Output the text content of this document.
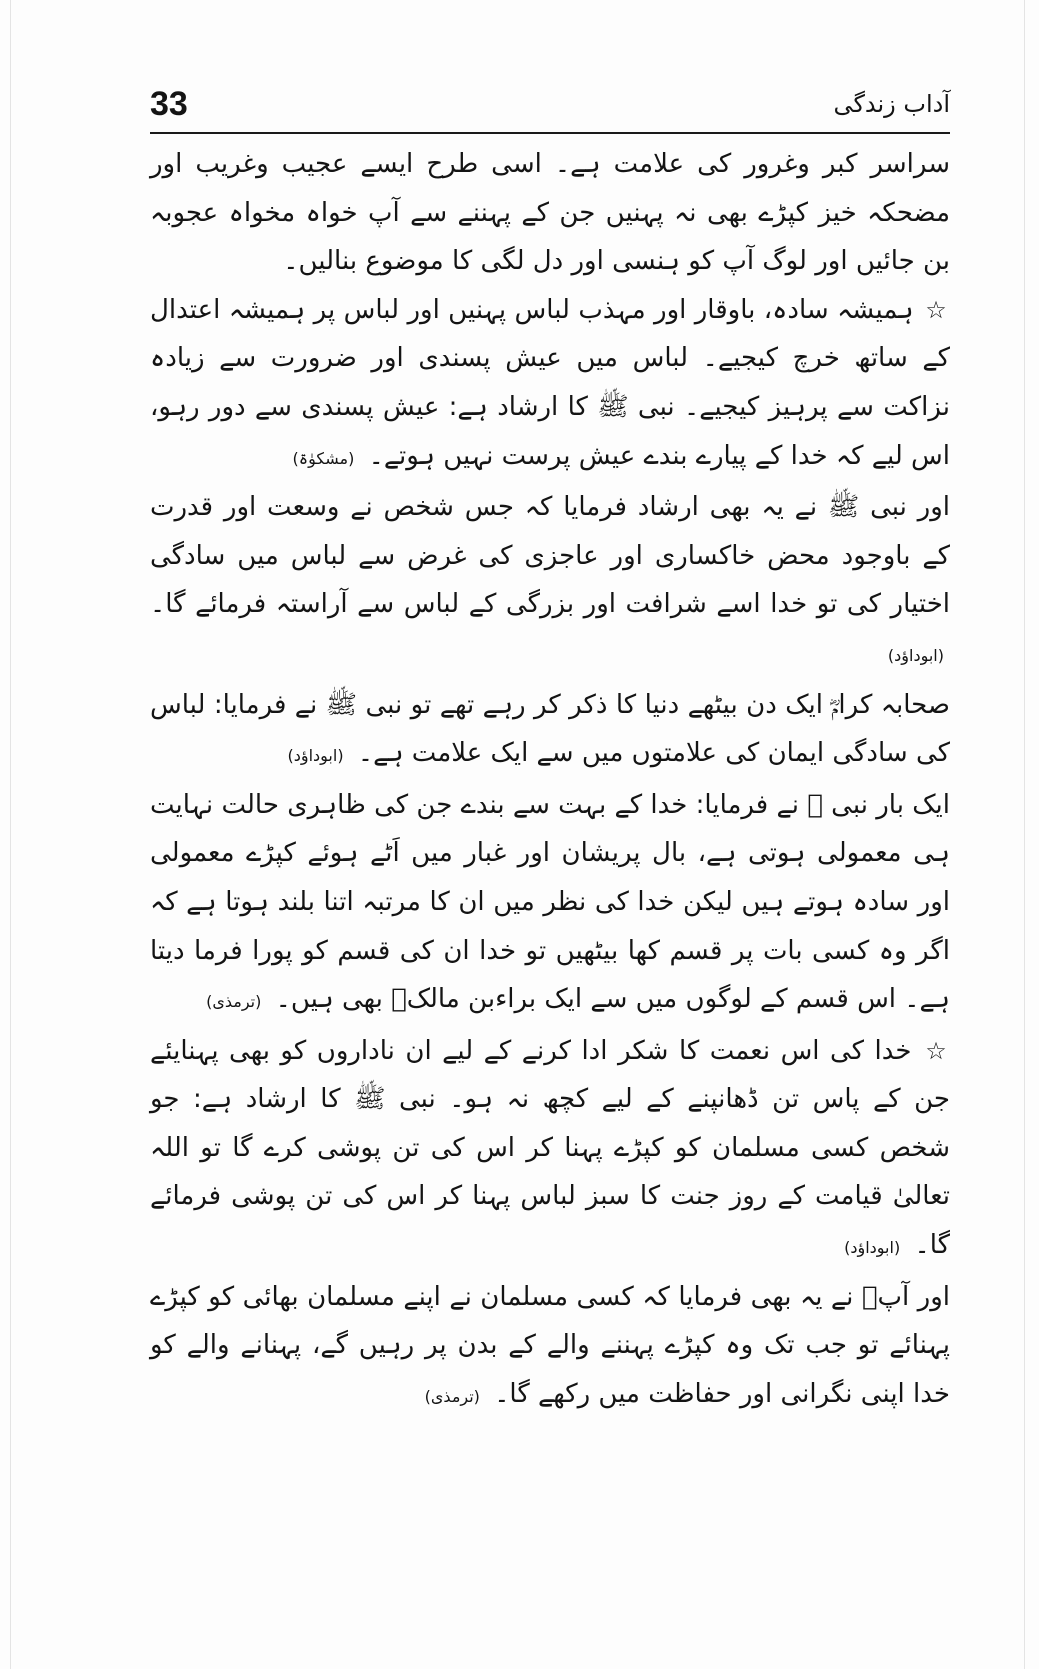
33	آداب زندگی

سراسر کبر وغرور کی علامت ہے۔ اسی طرح ایسے عجیب وغریب اور مضحکہ خیز کپڑے بھی نہ پہنیں جن کے پہننے سے آپ خواہ مخواہ عجوبہ بن جائیں اور لوگ آپ کو ہنسی اور دل لگی کا موضوع بنالیں۔

☆ ہمیشہ سادہ، باوقار اور مہذب لباس پہنیں اور لباس پر ہمیشہ اعتدال کے ساتھ خرچ کیجیے۔ لباس میں عیش پسندی اور ضرورت سے زیادہ نزاکت سے پرہیز کیجیے۔ نبی ﷺ کا ارشاد ہے: عیش پسندی سے دور رہو، اس لیے کہ خدا کے پیارے بندے عیش پرست نہیں ہوتے۔ (مشکوٰۃ)

اور نبی ﷺ نے یہ بھی ارشاد فرمایا کہ جس شخص نے وسعت اور قدرت کے باوجود محض خاکساری اور عاجزی کی غرض سے لباس میں سادگی اختیار کی تو خدا اسے شرافت اور بزرگی کے لباس سے آراستہ فرمائے گا۔ (ابوداؤد)

صحابہ کرامؓ ایک دن بیٹھے دنیا کا ذکر کر رہے تھے تو نبی ﷺ نے فرمایا: لباس کی سادگی ایمان کی علامتوں میں سے ایک علامت ہے۔ (ابوداؤد)

ایک بار نبی ﷺ نے فرمایا: خدا کے بہت سے بندے جن کی ظاہری حالت نہایت ہی معمولی ہوتی ہے، بال پریشان اور غبار میں اَٹے ہوئے کپڑے معمولی اور سادہ ہوتے ہیں لیکن خدا کی نظر میں ان کا مرتبہ اتنا بلند ہوتا ہے کہ اگر وہ کسی بات پر قسم کھا بیٹھیں تو خدا ان کی قسم کو پورا فرما دیتا ہے۔ اس قسم کے لوگوں میں سے ایک براءبن مالکؓ بھی ہیں۔ (ترمذی)

☆ خدا کی اس نعمت کا شکر ادا کرنے کے لیے ان ناداروں کو بھی پہنایئے جن کے پاس تن ڈھانپنے کے لیے کچھ نہ ہو۔ نبی ﷺ کا ارشاد ہے: جو شخص کسی مسلمان کو کپڑے پہنا کر اس کی تن پوشی کرے گا تو اللہ تعالیٰ قیامت کے روز جنت کا سبز لباس پہنا کر اس کی تن پوشی فرمائے گا۔ (ابوداؤد)

اور آپؐ نے یہ بھی فرمایا کہ کسی مسلمان نے اپنے مسلمان بھائی کو کپڑے پہنائے تو جب تک وہ کپڑے پہننے والے کے بدن پر رہیں گے، پہنانے والے کو خدا اپنی نگرانی اور حفاظت میں رکھے گا۔ (ترمذی)
